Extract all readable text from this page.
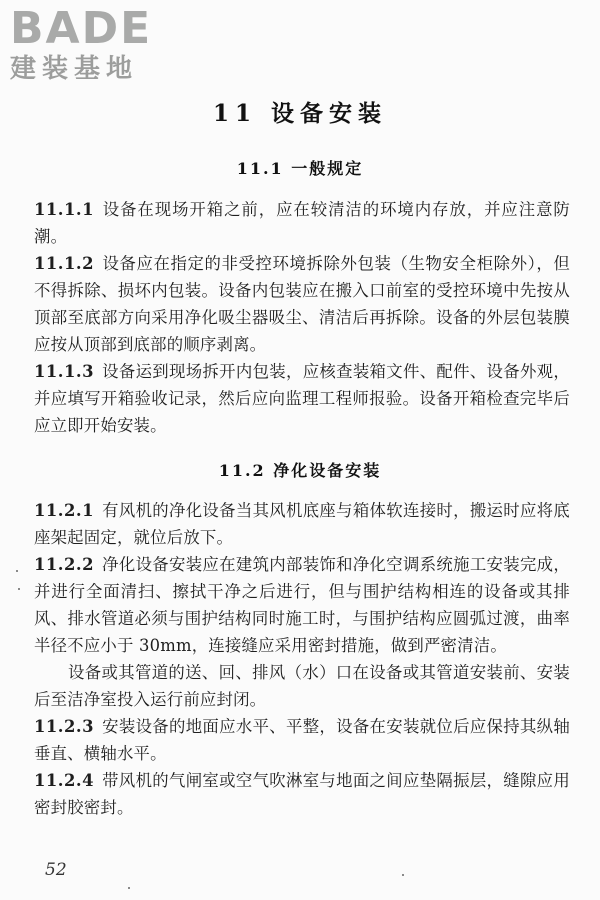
BADE
建装基地
11 设备安装
11.1 一般规定

11.1.1 设备在现场开箱之前，应在较清洁的环境内存放，并应注意防潮。

11.1.2 设备应在指定的非受控环境拆除外包装（生物安全柜除外），但不得拆除、损坏内包装。设备内包装应在搬入口前室的受控环境中先按从顶部至底部方向采用净化吸尘器吸尘、清洁后再拆除。设备的外层包装膜应按从顶部到底部的顺序剥离。

11.1.3 设备运到现场拆开内包装，应核查装箱文件、配件、设备外观，并应填写开箱验收记录，然后应向监理工程师报验。设备开箱检查完毕后应立即开始安装。

11.2 净化设备安装

11.2.1 有风机的净化设备当其风机底座与箱体软连接时，搬运时应将底座架起固定，就位后放下。

11.2.2 净化设备安装应在建筑内部装饰和净化空调系统施工安装完成，并进行全面清扫、擦拭干净之后进行，但与围护结构相连的设备或其排风、排水管道必须与围护结构同时施工时，与围护结构应圆弧过渡，曲率半径不应小于 30mm，连接缝应采用密封措施，做到严密清洁。

设备或其管道的送、回、排风（水）口在设备或其管道安装前、安装后至洁净室投入运行前应封闭。

11.2.3 安装设备的地面应水平、平整，设备在安装就位后应保持其纵轴垂直、横轴水平。

11.2.4 带风机的气闸室或空气吹淋室与地面之间应垫隔振层，缝隙应用密封胶密封。

52
